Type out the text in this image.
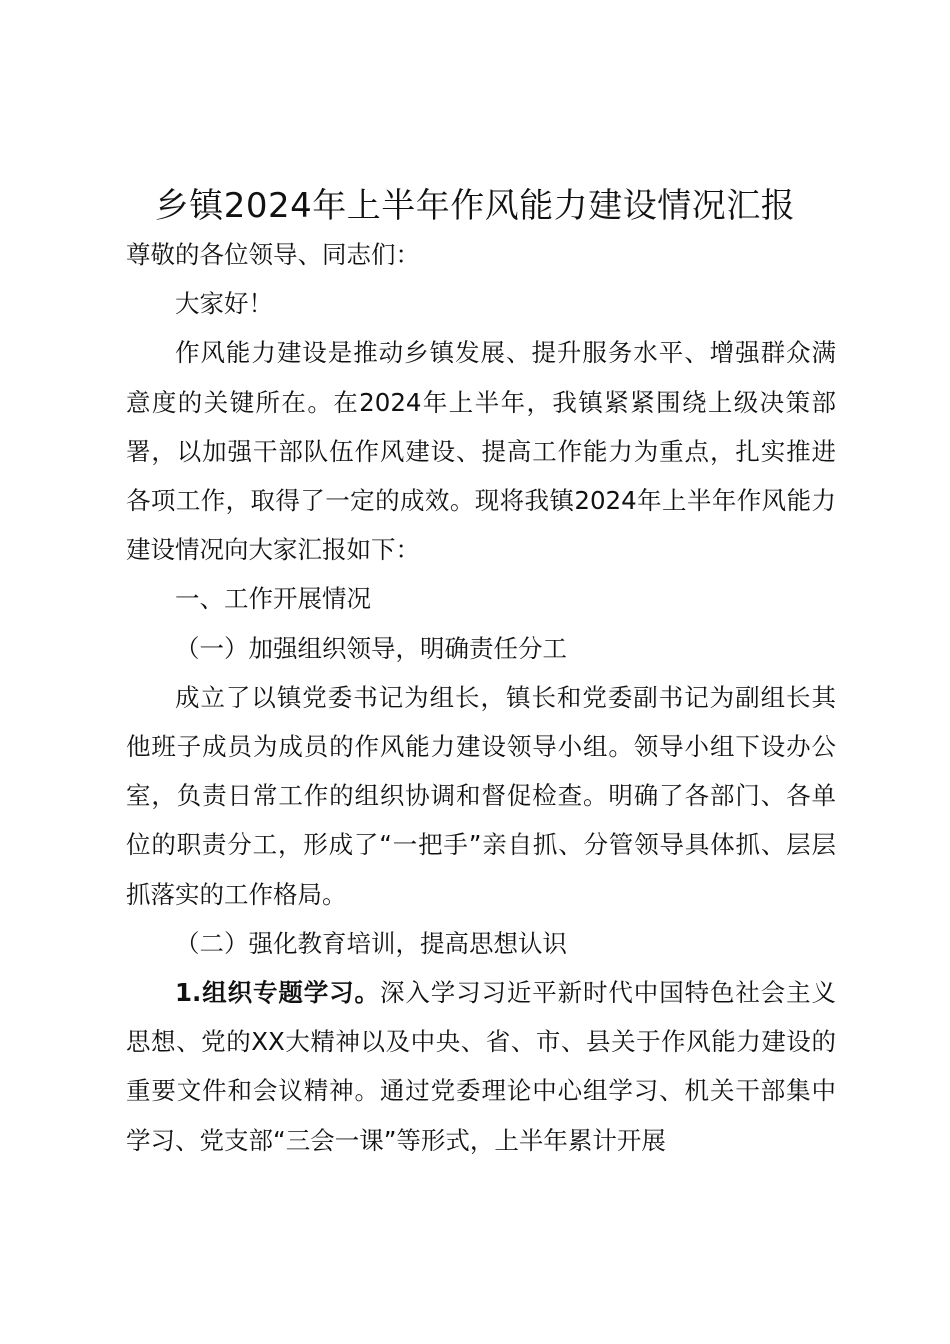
乡镇2024年上半年作风能力建设情况汇报

尊敬的各位领导、同志们：

大家好！

作风能力建设是推动乡镇发展、提升服务水平、增强群众满意度的关键所在。在2024年上半年，我镇紧紧围绕上级决策部署，以加强干部队伍作风建设、提高工作能力为重点，扎实推进各项工作，取得了一定的成效。现将我镇2024年上半年作风能力建设情况向大家汇报如下：

一、工作开展情况

（一）加强组织领导，明确责任分工

成立了以镇党委书记为组长，镇长和党委副书记为副组长其他班子成员为成员的作风能力建设领导小组。领导小组下设办公室，负责日常工作的组织协调和督促检查。明确了各部门、各单位的职责分工，形成了“一把手”亲自抓、分管领导具体抓、层层抓落实的工作格局。

（二）强化教育培训，提高思想认识

1.组织专题学习。深入学习习近平新时代中国特色社会主义思想、党的XX大精神以及中央、省、市、县关于作风能力建设的重要文件和会议精神。通过党委理论中心组学习、机关干部集中学习、党支部“三会一课”等形式，上半年累计开展
